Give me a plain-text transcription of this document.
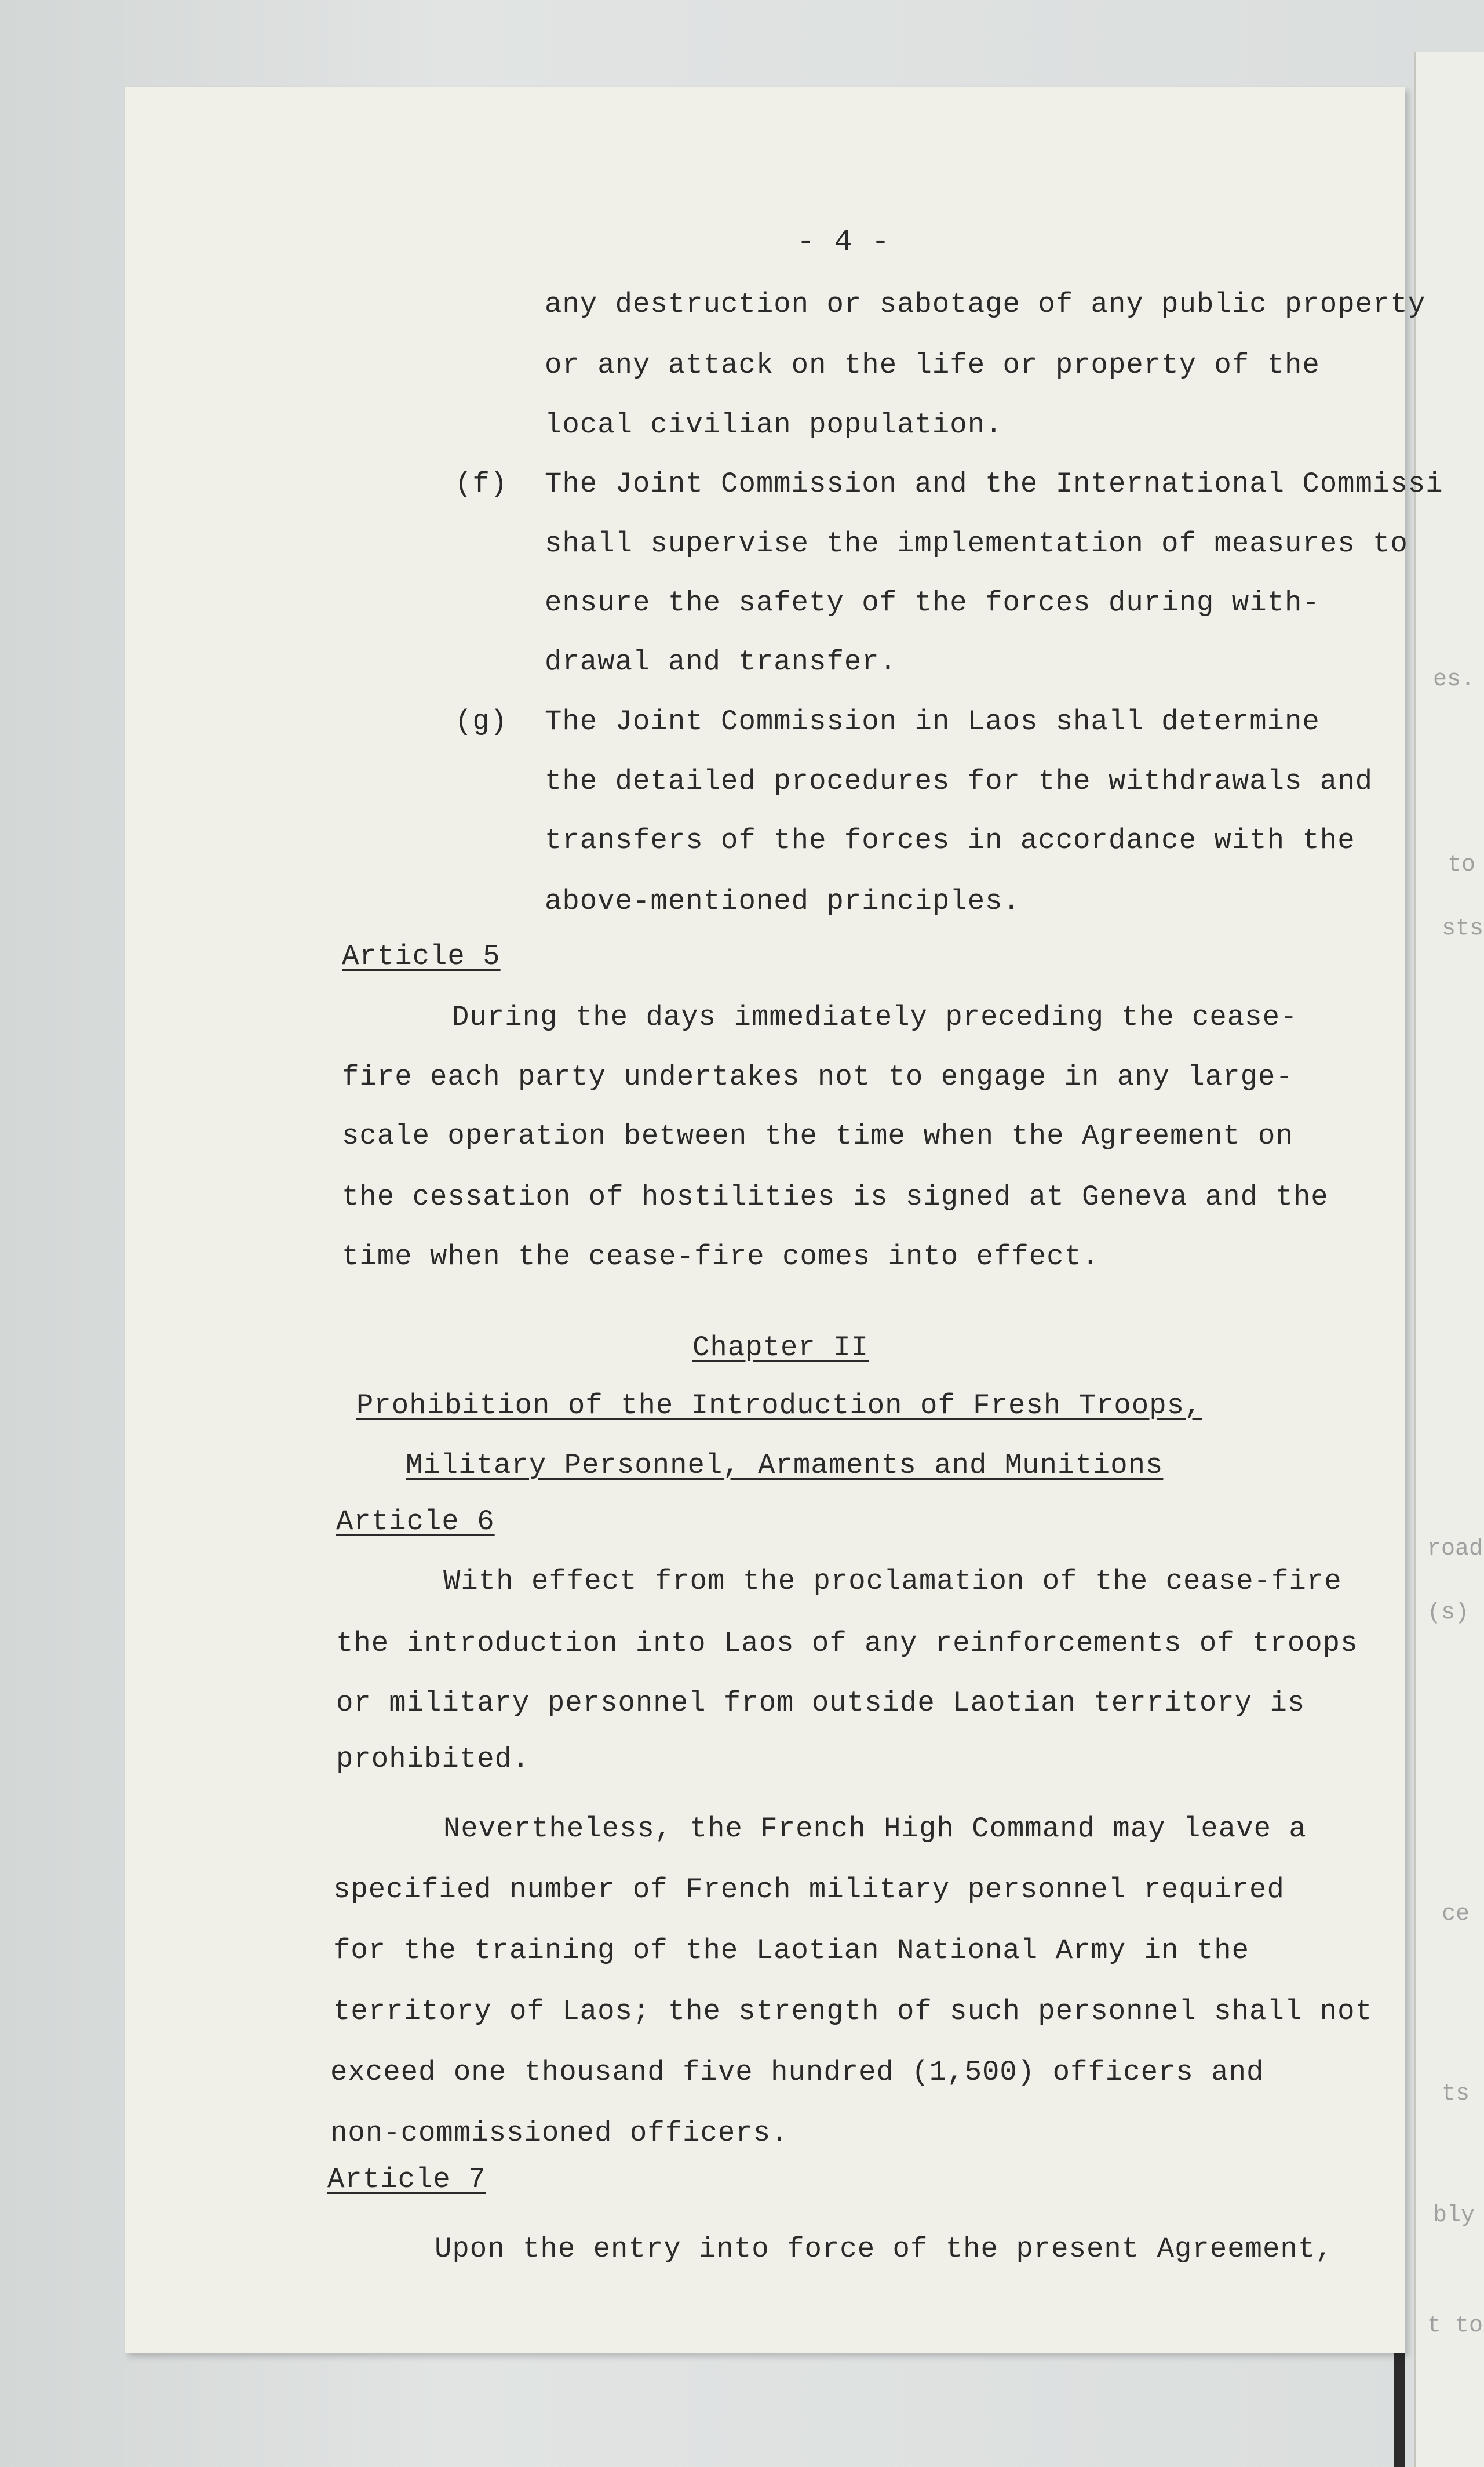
es.
to
sts
road
(s)
ce
ts
bly
t to
- 4 -
any destruction or sabotage of any public property
or any attack on the life or property of the
local civilian population.
(f) The Joint Commission and the International Commissi
shall supervise the implementation of measures to
ensure the safety of the forces during with-
drawal and transfer.
(g) The Joint Commission in Laos shall determine
the detailed procedures for the withdrawals and
transfers of the forces in accordance with the
above-mentioned principles.
Article 5
During the days immediately preceding the cease-
fire each party undertakes not to engage in any large-
scale operation between the time when the Agreement on
the cessation of hostilities is signed at Geneva and the
time when the cease-fire comes into effect.
Chapter II
Prohibition of the Introduction of Fresh Troops,
Military Personnel, Armaments and Munitions
Article 6
With effect from the proclamation of the cease-fire
the introduction into Laos of any reinforcements of troops
or military personnel from outside Laotian territory is
prohibited.
Nevertheless, the French High Command may leave a
specified number of French military personnel required
for the training of the Laotian National Army in the
territory of Laos; the strength of such personnel shall not
exceed one thousand five hundred (1,500) officers and
non-commissioned officers.
Article 7
Upon the entry into force of the present Agreement,
